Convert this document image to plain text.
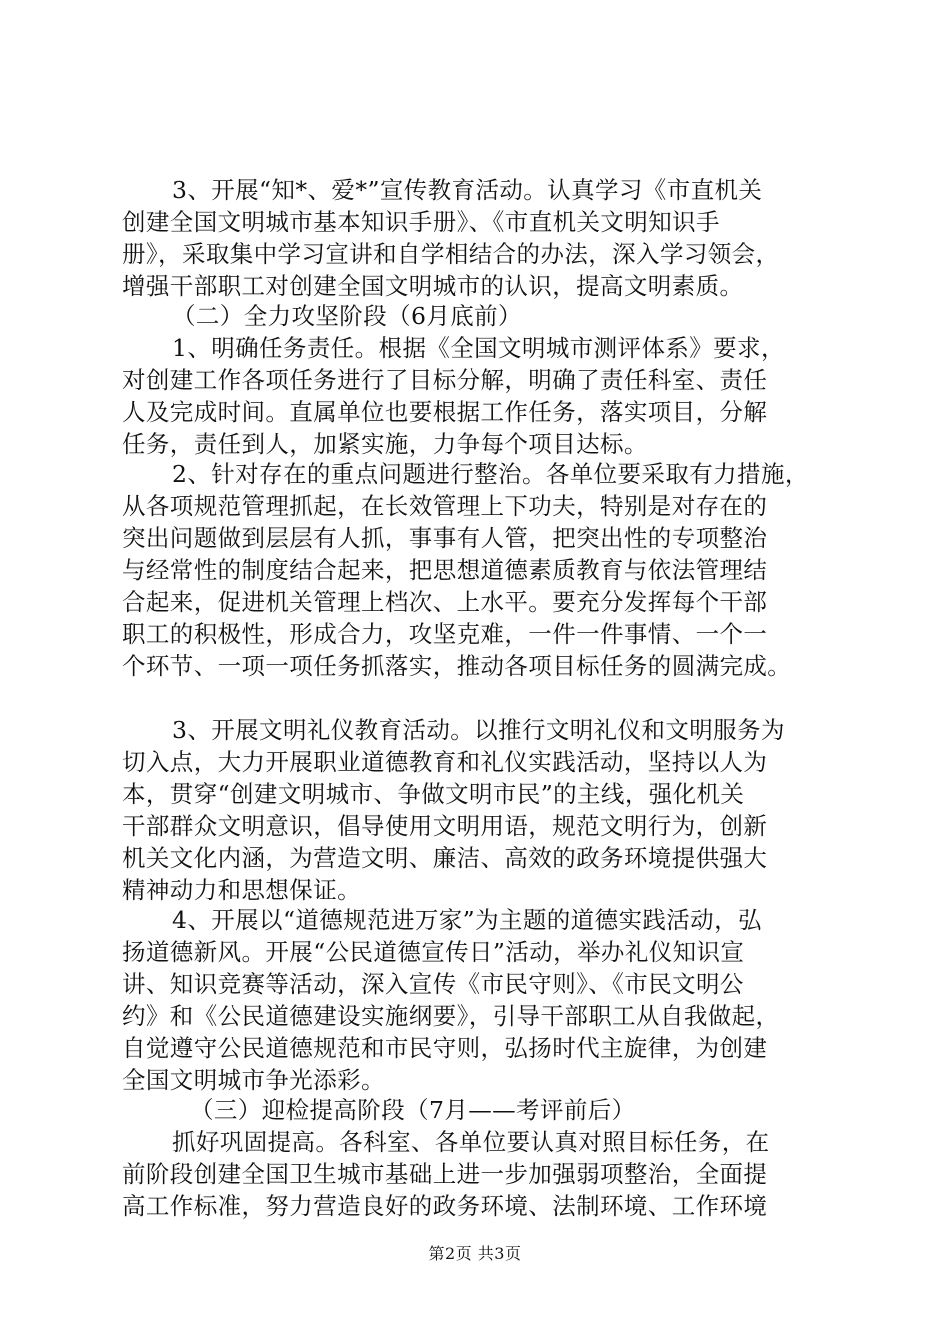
3、开展“知*、爱*”宣传教育活动。认真学习《市直机关
创建全国文明城市基本知识手册》、《市直机关文明知识手
册》，采取集中学习宣讲和自学相结合的办法，深入学习领会，
增强干部职工对创建全国文明城市的认识，提高文明素质。
（二）全力攻坚阶段（6月底前）
1、明确任务责任。根据《全国文明城市测评体系》要求，
对创建工作各项任务进行了目标分解，明确了责任科室、责任
人及完成时间。直属单位也要根据工作任务，落实项目，分解
任务，责任到人，加紧实施，力争每个项目达标。
2、针对存在的重点问题进行整治。各单位要采取有力措施，
从各项规范管理抓起，在长效管理上下功夫，特别是对存在的
突出问题做到层层有人抓，事事有人管，把突出性的专项整治
与经常性的制度结合起来，把思想道德素质教育与依法管理结
合起来，促进机关管理上档次、上水平。要充分发挥每个干部
职工的积极性，形成合力，攻坚克难，一件一件事情、一个一
个环节、一项一项任务抓落实，推动各项目标任务的圆满完成。
3、开展文明礼仪教育活动。以推行文明礼仪和文明服务为
切入点，大力开展职业道德教育和礼仪实践活动，坚持以人为
本，贯穿“创建文明城市、争做文明市民”的主线，强化机关
干部群众文明意识，倡导使用文明用语，规范文明行为，创新
机关文化内涵，为营造文明、廉洁、高效的政务环境提供强大
精神动力和思想保证。
4、开展以“道德规范进万家”为主题的道德实践活动，弘
扬道德新风。开展“公民道德宣传日”活动，举办礼仪知识宣
讲、知识竞赛等活动，深入宣传《市民守则》、《市民文明公
约》和《公民道德建设实施纲要》，引导干部职工从自我做起，
自觉遵守公民道德规范和市民守则，弘扬时代主旋律，为创建
全国文明城市争光添彩。
（三）迎检提高阶段（7月——考评前后）
抓好巩固提高。各科室、各单位要认真对照目标任务，在
前阶段创建全国卫生城市基础上进一步加强弱项整治，全面提
高工作标准，努力营造良好的政务环境、法制环境、工作环境
第2页 共3页
